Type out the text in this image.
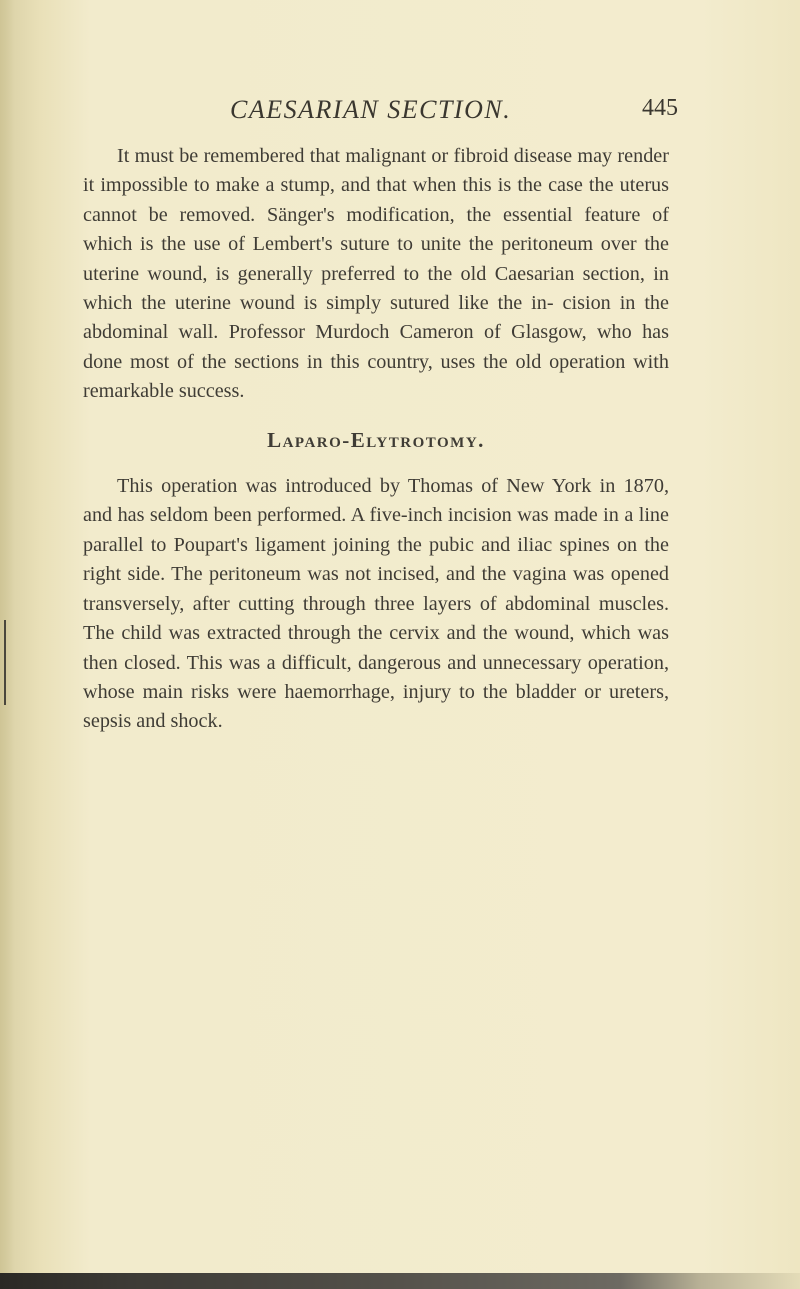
CAESARIAN SECTION.	445

It must be remembered that malignant or fibroid disease may render it impossible to make a stump, and that when this is the case the uterus cannot be removed. Sänger's modification, the essential feature of which is the use of Lembert's suture to unite the peritoneum over the uterine wound, is generally preferred to the old Caesarian section, in which the uterine wound is simply sutured like the in- cision in the abdominal wall. Professor Murdoch Cameron of Glasgow, who has done most of the sections in this country, uses the old operation with remarkable success.

Laparo-Elytrotomy.

This operation was introduced by Thomas of New York in 1870, and has seldom been performed. A five-inch incision was made in a line parallel to Poupart's ligament joining the pubic and iliac spines on the right side. The peritoneum was not incised, and the vagina was opened transversely, after cutting through three layers of abdominal muscles. The child was extracted through the cervix and the wound, which was then closed. This was a difficult, dangerous and unnecessary operation, whose main risks were haemorrhage, injury to the bladder or ureters, sepsis and shock.
